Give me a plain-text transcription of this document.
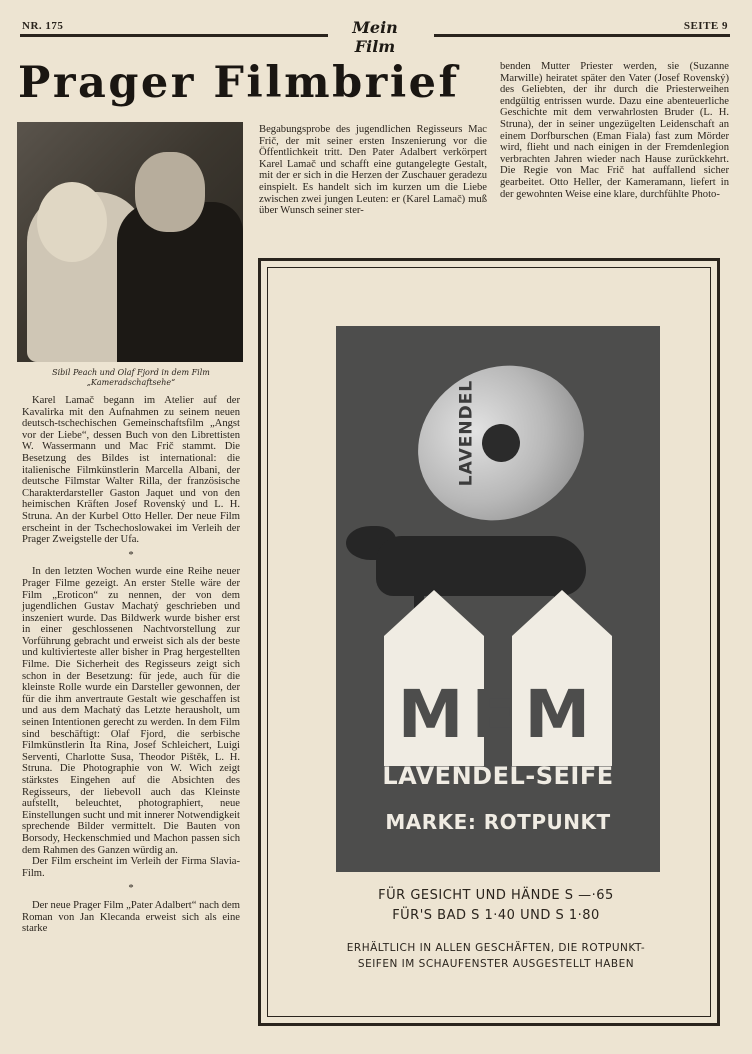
NR. 175	Mein Film
SEITE 9
Prager Filmbrief
Sibil Peach und Olaf Fjord in dem Film „Kameradschaftsehe“

Karel Lamač begann im Atelier auf der Kavalirka mit den Aufnahmen zu seinem neuen deutsch-tschechischen Gemeinschaftsfilm „Angst vor der Liebe“, dessen Buch von den Librettisten W. Wassermann und Mac Frič stammt. Die Besetzung des Bildes ist international: die italienische Filmkünstlerin Marcella Albani, der deutsche Filmstar Walter Rilla, der französische Charakterdarsteller Gaston Jaquet und von den heimischen Kräften Josef Rovenský und L. H. Struna. An der Kurbel Otto Heller. Der neue Film erscheint in der Tschechoslowakei im Verleih der Prager Zweigstelle der Ufa.

*

In den letzten Wochen wurde eine Reihe neuer Prager Filme gezeigt. An erster Stelle wäre der Film „Eroticon“ zu nennen, der von dem jugendlichen Gustav Machatý geschrieben und inszeniert wurde. Das Bildwerk wurde bisher erst in einer geschlossenen Nachtvorstellung zur Vorführung gebracht und erweist sich als der beste und kultivierteste aller bisher in Prag hergestellten Filme. Die Sicherheit des Regisseurs zeigt sich schon in der Besetzung: für jede, auch für die kleinste Rolle wurde ein Darsteller gewonnen, der für die ihm anvertraute Gestalt wie geschaffen ist und aus dem Machatý das Letzte herausholt, um seinen Intentionen gerecht zu werden. In dem Film sind beschäftigt: Olaf Fjord, die serbische Filmkünstlerin Ita Rina, Josef Schleichert, Luigi Serventi, Charlotte Susa, Theodor Pištěk, L. H. Struna. Die Photographie von W. Wich zeigt stärkstes Eingehen auf die Absichten des Regisseurs, der liebevoll auch das Kleinste aufstellt, beleuchtet, photographiert, neue Einstellungen sucht und mit innerer Notwendigkeit sprechende Bilder vermittelt. Die Bauten von Borsody, Heckenschmied und Machon passen sich dem Rahmen des Ganzen würdig an.

Der Film erscheint im Verleih der Firma Slavia-Film.

*

Der neue Prager Film „Pater Adalbert“ nach dem Roman von Jan Klecanda erweist sich als eine starke

Begabungsprobe des jugendlichen Regisseurs Mac Frič, der mit seiner ersten Inszenierung vor die Öffentlichkeit tritt. Den Pater Adalbert verkörpert Karel Lamač und schafft eine gutangelegte Gestalt, mit der er sich in die Herzen der Zuschauer geradezu einspielt. Es handelt sich im kurzen um die Liebe zwischen zwei jungen Leuten: er (Karel Lamač) muß über Wunsch seiner ster-

benden Mutter Priester werden, sie (Suzanne Marwille) heiratet später den Vater (Josef Rovenský) des Geliebten, der ihr durch die Priesterweihen endgültig entrissen wurde. Dazu eine abenteuerliche Geschichte mit dem verwahrlosten Bruder (L. H. Struna), der in seiner ungezügelten Leidenschaft an einem Dorfburschen (Eman Fiala) fast zum Mörder wird, flieht und nach einigen in der Fremdenlegion verbrachten Jahren wieder nach Hause zurückkehrt. Die Regie von Mac Frič hat auffallend sicher gearbeitet. Otto Heller, der Kameramann, liefert in der gewohnten Weise eine klare, durchfühlte Photo-

LAVENDEL
MEM
LAVENDEL-SEIFE
MARKE: ROTPUNKT
FÜR GESICHT UND HÄNDE S —·65
FÜR'S BAD S 1·40 UND S 1·80
ERHÄLTLICH IN ALLEN GESCHÄFTEN, DIE ROTPUNKT-
SEIFEN IM SCHAUFENSTER AUSGESTELLT HABEN
